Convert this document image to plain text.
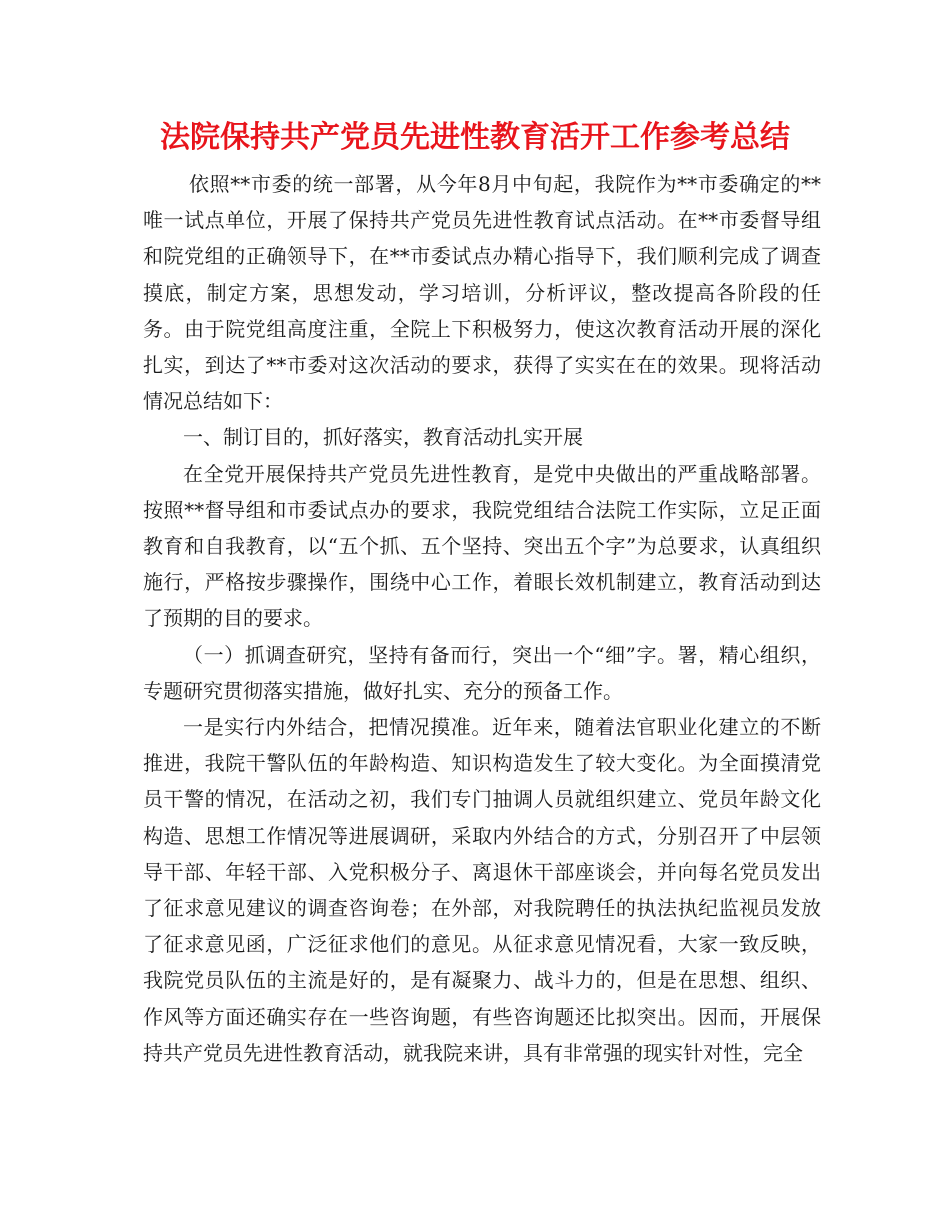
法院保持共产党员先进性教育活开工作参考总结

依照**市委的统一部署，从今年8月中旬起，我院作为**市委确定的**唯一试点单位，开展了保持共产党员先进性教育试点活动。在**市委督导组和院党组的正确领导下，在**市委试点办精心指导下，我们顺利完成了调查摸底，制定方案，思想发动，学习培训，分析评议，整改提高各阶段的任务。由于院党组高度注重，全院上下积极努力，使这次教育活动开展的深化扎实，到达了**市委对这次活动的要求，获得了实实在在的效果。现将活动情况总结如下：

一、制订目的，抓好落实，教育活动扎实开展

在全党开展保持共产党员先进性教育，是党中央做出的严重战略部署。按照**督导组和市委试点办的要求，我院党组结合法院工作实际，立足正面教育和自我教育，以“五个抓、五个坚持、突出五个字”为总要求，认真组织施行，严格按步骤操作，围绕中心工作，着眼长效机制建立，教育活动到达了预期的目的要求。

（一）抓调查研究，坚持有备而行，突出一个“细”字。署，精心组织，专题研究贯彻落实措施，做好扎实、充分的预备工作。

一是实行内外结合，把情况摸准。近年来，随着法官职业化建立的不断推进，我院干警队伍的年龄构造、知识构造发生了较大变化。为全面摸清党员干警的情况，在活动之初，我们专门抽调人员就组织建立、党员年龄文化构造、思想工作情况等进展调研，采取内外结合的方式，分别召开了中层领导干部、年轻干部、入党积极分子、离退休干部座谈会，并向每名党员发出了征求意见建议的调查咨询卷；在外部，对我院聘任的执法执纪监视员发放了征求意见函，广泛征求他们的意见。从征求意见情况看，大家一致反映，我院党员队伍的主流是好的，是有凝聚力、战斗力的，但是在思想、组织、作风等方面还确实存在一些咨询题，有些咨询题还比拟突出。因而，开展保持共产党员先进性教育活动，就我院来讲，具有非常强的现实针对性，完全
